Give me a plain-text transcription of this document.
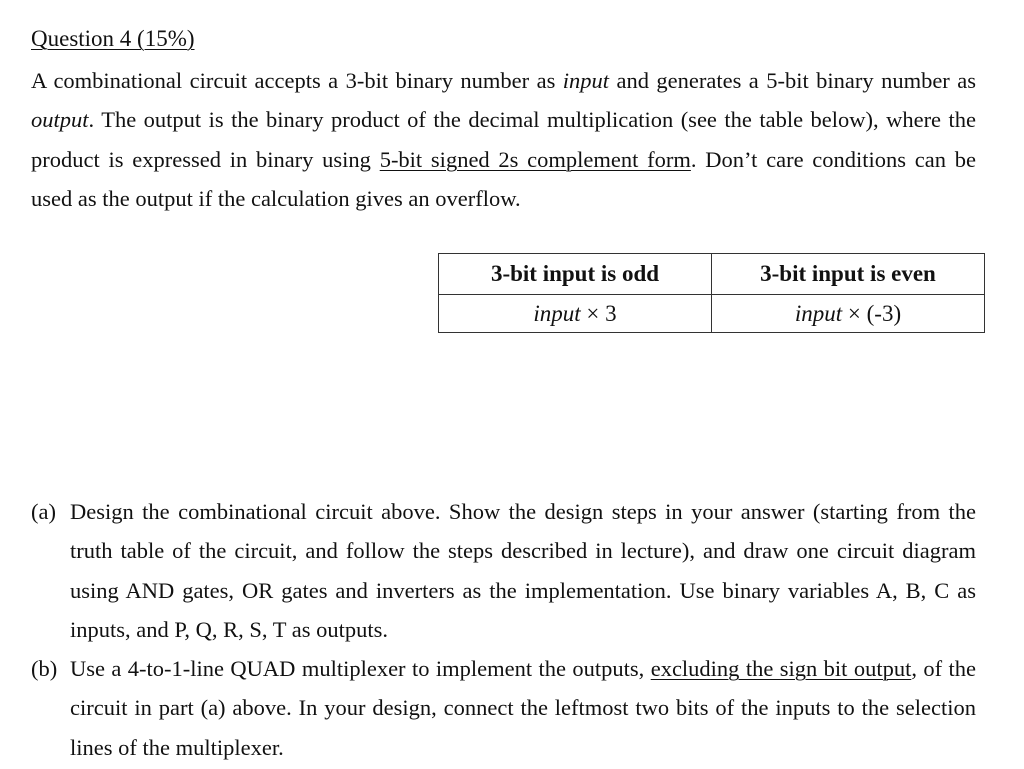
Question 4 (15%)

A combinational circuit accepts a 3-bit binary number as input and generates a 5-bit binary number as output. The output is the binary product of the decimal multiplication (see the table below), where the product is expressed in binary using 5-bit signed 2s complement form. Don’t care conditions can be used as the output if the calculation gives an overflow.

3-bit input is odd	3-bit input is even
input × 3	input × (-3)
(a) Design the combinational circuit above. Show the design steps in your answer (starting from the truth table of the circuit, and follow the steps described in lecture), and draw one circuit diagram using AND gates, OR gates and inverters as the implementation. Use binary variables A, B, C as inputs, and P, Q, R, S, T as outputs.
(b) Use a 4-to-1-line QUAD multiplexer to implement the outputs, excluding the sign bit output, of the circuit in part (a) above. In your design, connect the leftmost two bits of the inputs to the selection lines of the multiplexer.
